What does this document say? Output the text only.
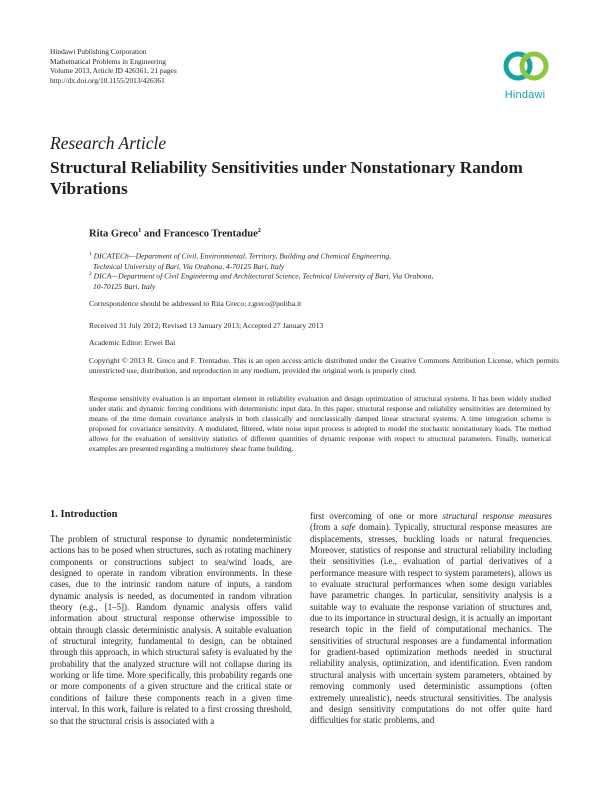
Hindawi Publishing Corporation
Mathematical Problems in Engineering
Volume 2013, Article ID 426361, 21 pages
http://dx.doi.org/10.1155/2013/426361
Hindawi
Research Article
Structural Reliability Sensitivities under Nonstationary Random Vibrations
Rita Greco$^1$ and Francesco Trentadue$^2$
$^1$ DICATECh—Department of Civil, Environmental, Territory, Building and Chemical Engineering,
Technical University of Bari, Via Orabona, 4-70125 Bari, Italy
$^2$ DICA—Department of Civil Engineering and Architectural Science, Technical University of Bari, Via Orabona,
10-70125 Bari, Italy
Correspondence should be addressed to Rita Greco; r.greco@poliba.it
Received 31 July 2012; Revised 13 January 2013; Accepted 27 January 2013
Academic Editor: Erwei Bai
Copyright © 2013 R. Greco and F. Trentadue. This is an open access article distributed under the Creative Commons Attribution License, which permits unrestricted use, distribution, and reproduction in any medium, provided the original work is properly cited.
Response sensitivity evaluation is an important element in reliability evaluation and design optimization of structural systems. It has been widely studied under static and dynamic forcing conditions with deterministic input data. In this paper, structural response and reliability sensitivities are determined by means of the time domain covariance analysis in both classically and nonclassically damped linear structural systems. A time integration scheme is proposed for covariance sensitivity. A modulated, filtered, white noise input process is adopted to model the stochastic nonstationary loads. The method allows for the evaluation of sensitivity statistics of different quantities of dynamic response with respect to structural parameters. Finally, numerical examples are presented regarding a multistorey shear frame building.
1. Introduction

The problem of structural response to dynamic nondeterministic actions has to be posed when structures, such as rotating machinery components or constructions subject to sea/wind loads, are designed to operate in random vibration environments. In these cases, due to the intrinsic random nature of inputs, a random dynamic analysis is needed, as documented in random vibration theory (e.g., [1–5]). Random dynamic analysis offers valid information about structural response otherwise impossible to obtain through classic deterministic analysis. A suitable evaluation of structural integrity, fundamental to design, can be obtained through this approach, in which structural safety is evaluated by the probability that the analyzed structure will not collapse during its working or life time. More specifically, this probability regards one or more components of a given structure and the critical state or conditions of failure these components reach in a given time interval. In this work, failure is related to a first crossing threshold, so that the structural crisis is associated with a

first overcoming of one or more structural response measures (from a safe domain). Typically, structural response measures are displacements, stresses, buckling loads or natural frequencies. Moreover, statistics of response and structural reliability including their sensitivities (i.e., evaluation of partial derivatives of a performance measure with respect to system parameters), allows us to evaluate structural performances when some design variables have parametric changes. In particular, sensitivity analysis is a suitable way to evaluate the response variation of structures and, due to its importance in structural design, it is actually an important research topic in the field of computational mechanics. The sensitivities of structural responses are a fundamental information for gradient-based optimization methods needed in structural reliability analysis, optimization, and identification. Even random structural analysis with uncertain system parameters, obtained by removing commonly used deterministic assumptions (often extremely unrealistic), needs structural sensitivities. The analysis and design sensitivity computations do not offer quite hard difficulties for static problems, and
